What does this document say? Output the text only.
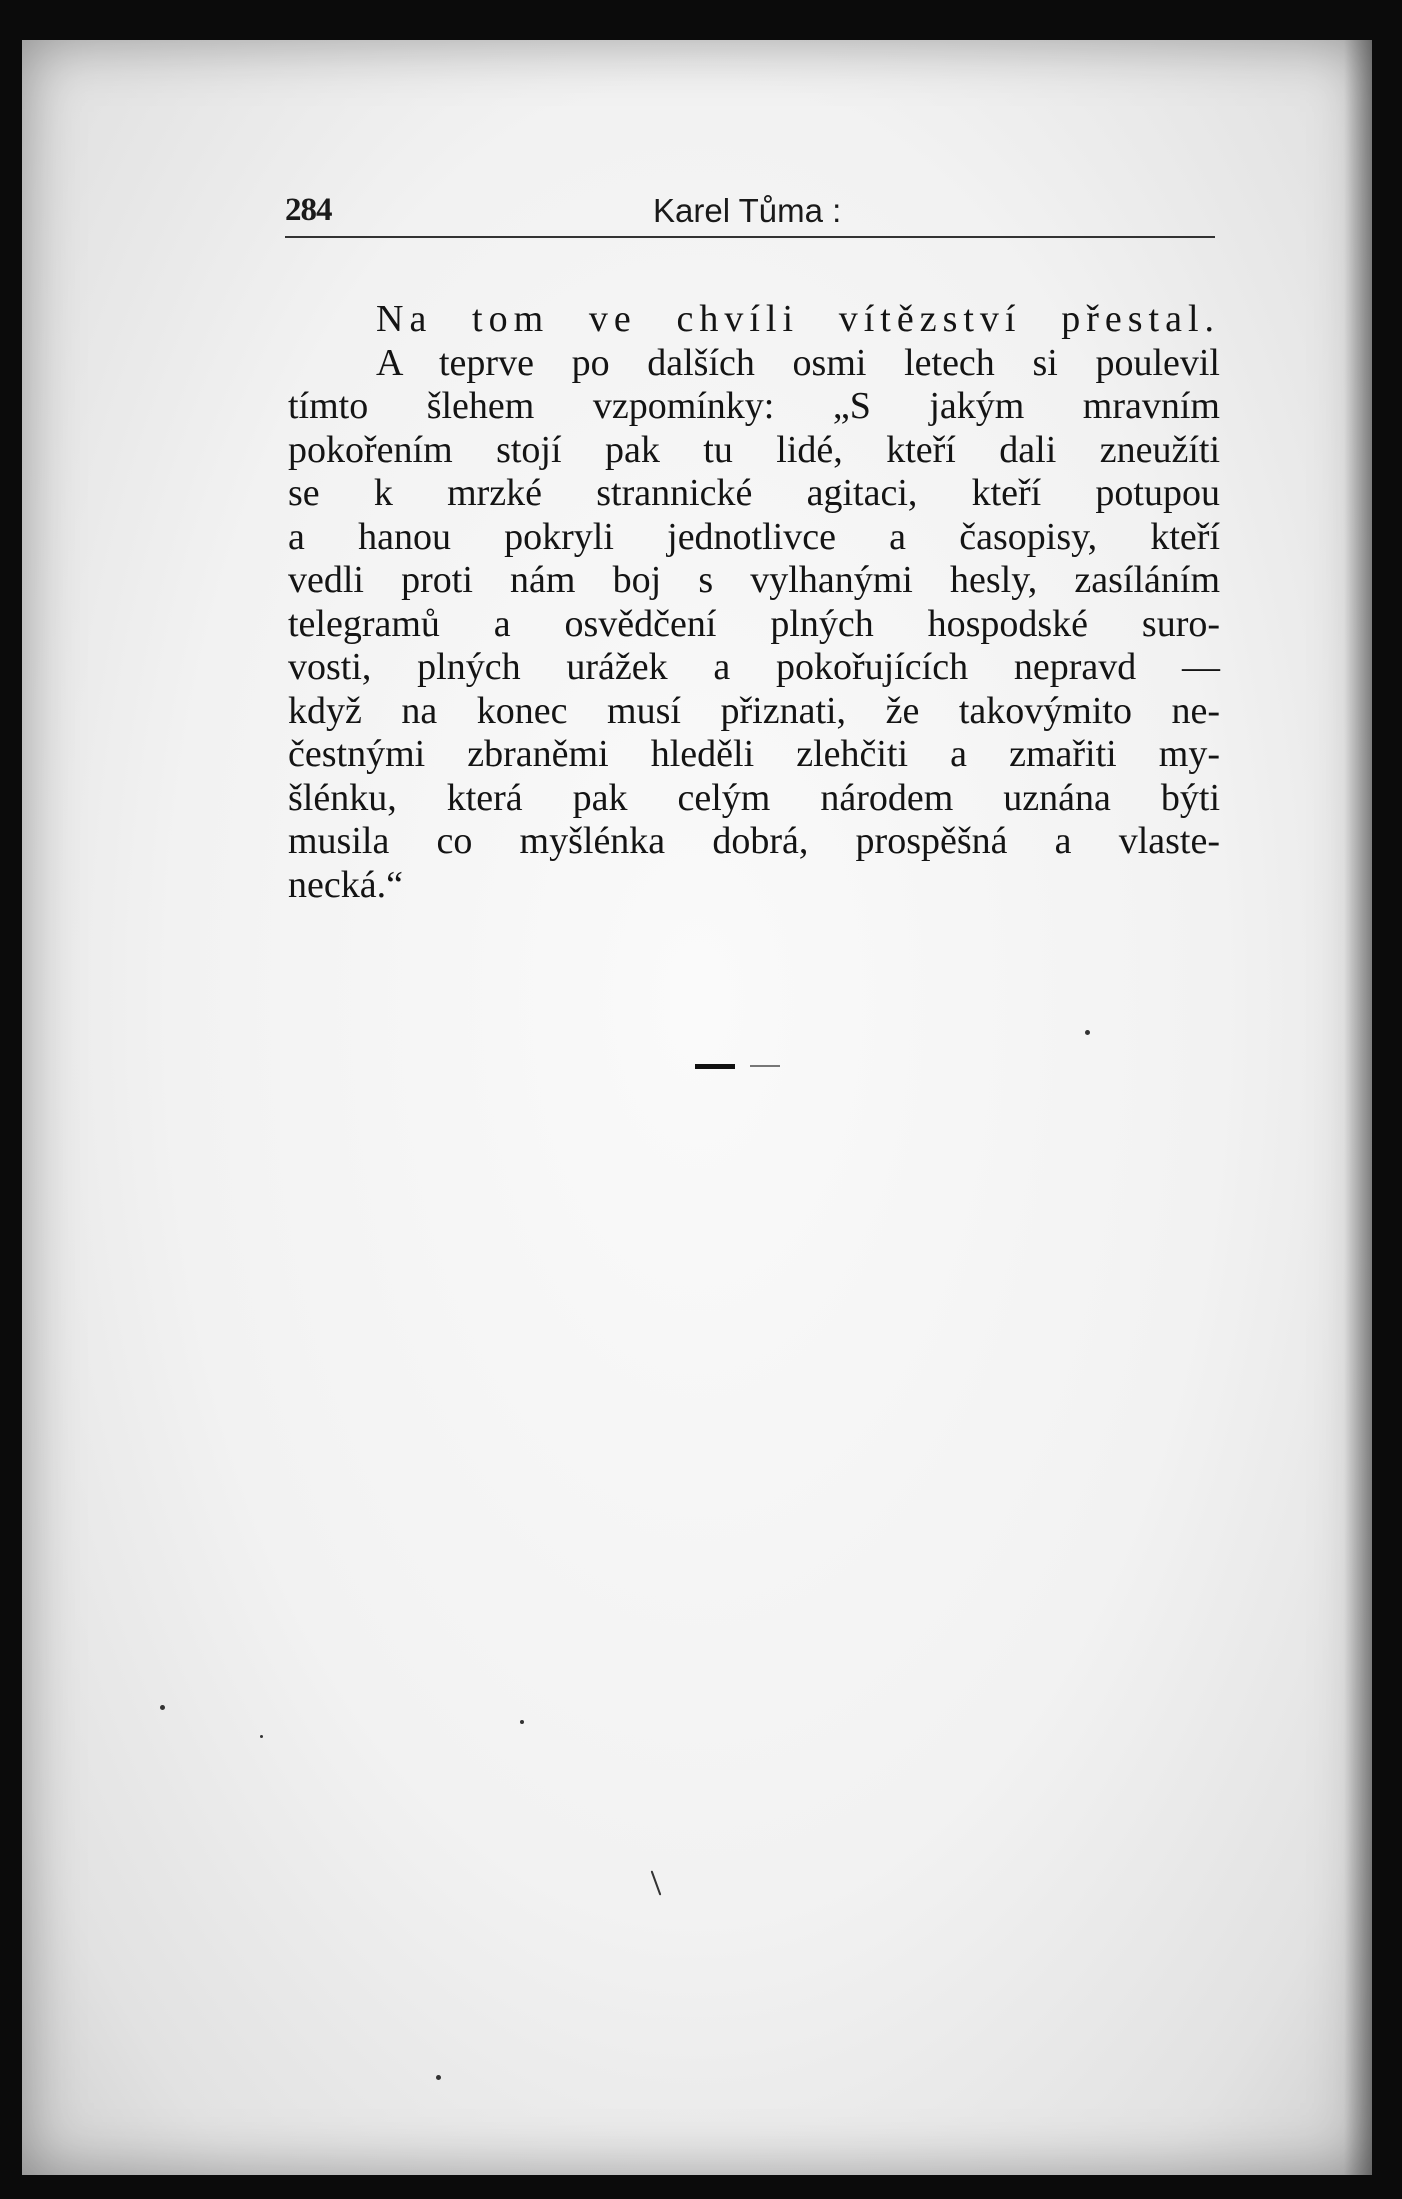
284	Karel Tůma :
Na tom ve chvíli vítězství přestal.
A teprve po dalších osmi letech si poulevil
tímto šlehem vzpomínky: „S jakým mravním
pokořením stojí pak tu lidé, kteří dali zneužíti
se k mrzké strannické agitaci, kteří potupou
a hanou pokryli jednotlivce a časopisy, kteří
vedli proti nám boj s vylhanými hesly, zasíláním
telegramů a osvědčení plných hospodské suro-
vosti, plných urážek a pokořujících nepravd —
když na konec musí přiznati, že takovýmito ne-
čestnými zbraněmi hleděli zlehčiti a zmařiti my-
šlénku, která pak celým národem uznána býti
musila co myšlénka dobrá, prospěšná a vlaste-
necká.“
